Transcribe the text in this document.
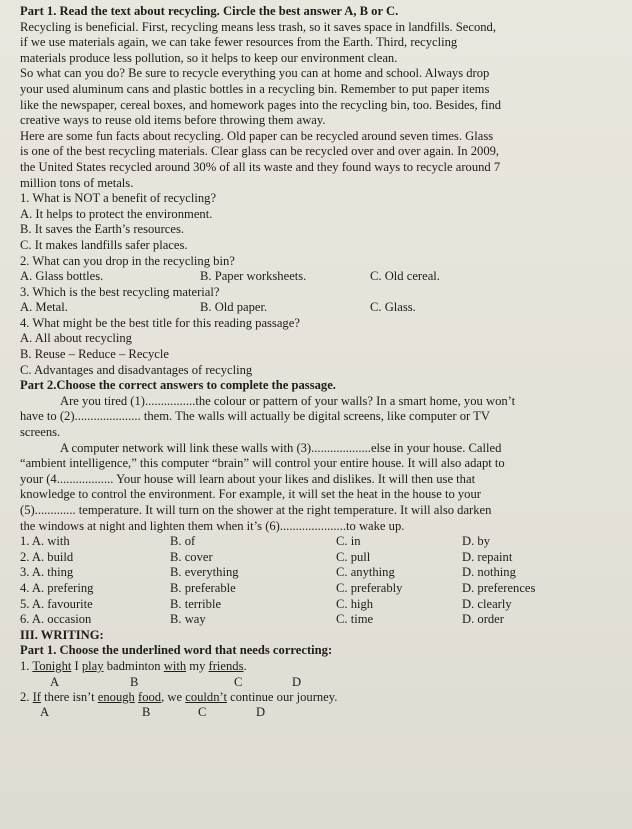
Part 1. Read the text about recycling. Circle the best answer A, B or C.
Recycling is beneficial. First, recycling means less trash, so it saves space in landfills. Second,
if we use materials again, we can take fewer resources from the Earth. Third, recycling
materials produce less pollution, so it helps to keep our environment clean.
So what can you do? Be sure to recycle everything you can at home and school. Always drop
your used aluminum cans and plastic bottles in a recycling bin. Remember to put paper items
like the newspaper, cereal boxes, and homework pages into the recycling bin, too. Besides, find
creative ways to reuse old items before throwing them away.
Here are some fun facts about recycling. Old paper can be recycled around seven times. Glass
is one of the best recycling materials. Clear glass can be recycled over and over again. In 2009,
the United States recycled around 30% of all its waste and they found ways to recycle around 7
million tons of metals.
1. What is NOT a benefit of recycling?
A. It helps to protect the environment.
B. It saves the Earth’s resources.
C. It makes landfills safer places.
2. What can you drop in the recycling bin?
A. Glass bottles.	B. Paper worksheets.	C. Old cereal.
3. Which is the best recycling material?
A. Metal.	B. Old paper.	C. Glass.
4. What might be the best title for this reading passage?
A. All about recycling
B. Reuse – Reduce – Recycle
C. Advantages and disadvantages of recycling
Part 2.Choose the correct answers to complete the passage.
Are you tired (1)................the colour or pattern of your walls? In a smart home, you won’t
have to (2)..................... them. The walls will actually be digital screens, like computer or TV
screens.
A computer network will link these walls with (3)...................else in your house. Called
“ambient intelligence,” this computer “brain” will control your entire house. It will also adapt to
your (4.................. Your house will learn about your likes and dislikes. It will then use that
knowledge to control the environment. For example, it will set the heat in the house to your
(5)............. temperature. It will turn on the shower at the right temperature. It will also darken
the windows at night and lighten them when it’s (6).....................to wake up.
1. A. with	B. of	C. in	D. by
2. A. build	B. cover	C. pull	D. repaint
3. A. thing	B. everything	C. anything	D. nothing
4. A. prefering	B. preferable	C. preferably	D. preferences
5. A. favourite	B. terrible	C. high	D. clearly
6. A. occasion	B. way	C. time	D. order
III. WRITING:
Part 1. Choose the underlined word that needs correcting:
1. Tonight I play badminton with my friends.
A	B	C	D
2. If there isn’t enough food, we couldn’t continue our journey.
A	B	C	D
